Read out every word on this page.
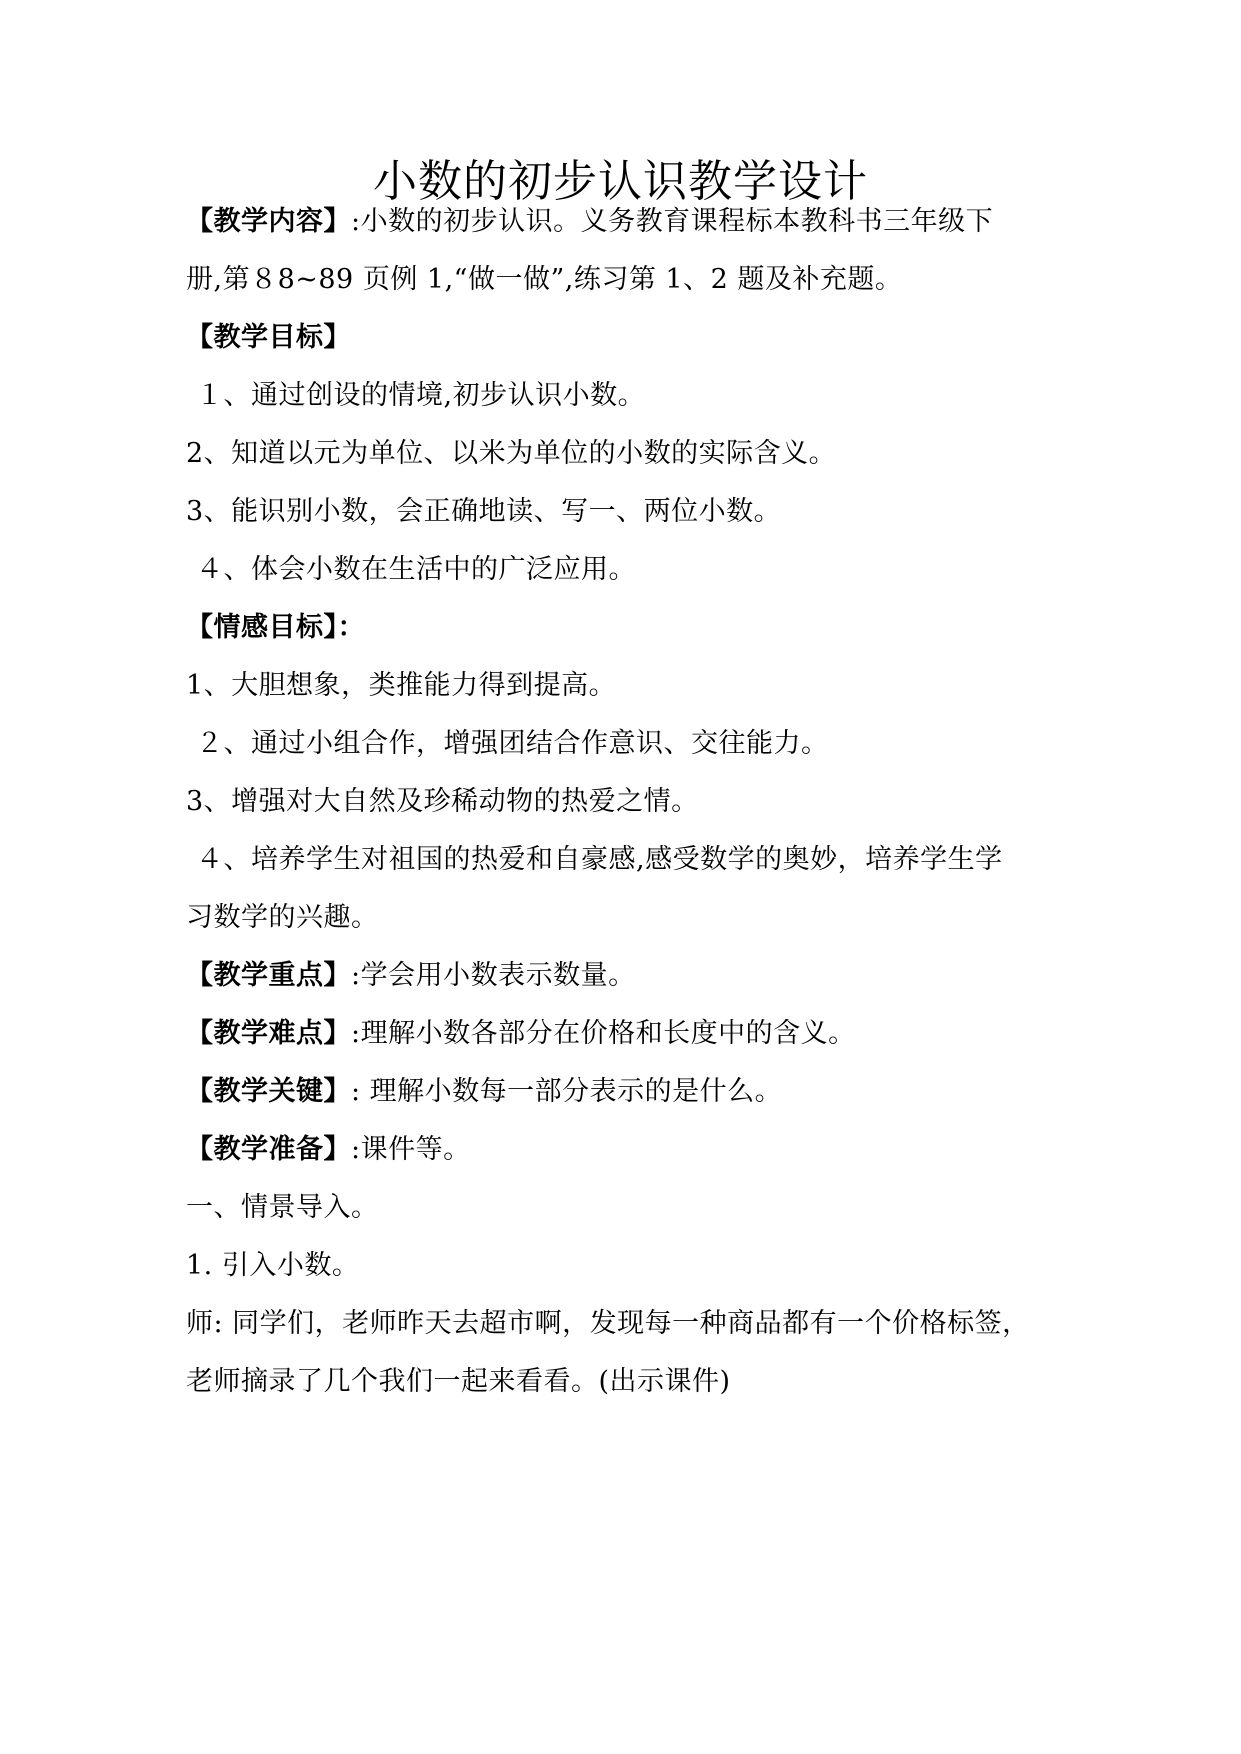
小数的初步认识教学设计
【教学内容】:小数的初步认识。义务教育课程标本教科书三年级下
册,第８8~89 页例 1,“做一做”,练习第 1、2 题及补充题。
【教学目标】
１、通过创设的情境,初步认识小数。
2、知道以元为单位、以米为单位的小数的实际含义。
3、能识别小数，会正确地读、写一、两位小数。
４、体会小数在生活中的广泛应用。
【情感目标】：
1、大胆想象，类推能力得到提高。
２、通过小组合作，增强团结合作意识、交往能力。
3、增强对大自然及珍稀动物的热爱之情。
４、培养学生对祖国的热爱和自豪感,感受数学的奥妙，培养学生学
习数学的兴趣。
【教学重点】:学会用小数表示数量。
【教学难点】:理解小数各部分在价格和长度中的含义。
【教学关键】: 理解小数每一部分表示的是什么。
【教学准备】:课件等。
一、情景导入。
1. 引入小数。
师: 同学们，老师昨天去超市啊，发现每一种商品都有一个价格标签，
老师摘录了几个我们一起来看看。(出示课件)
